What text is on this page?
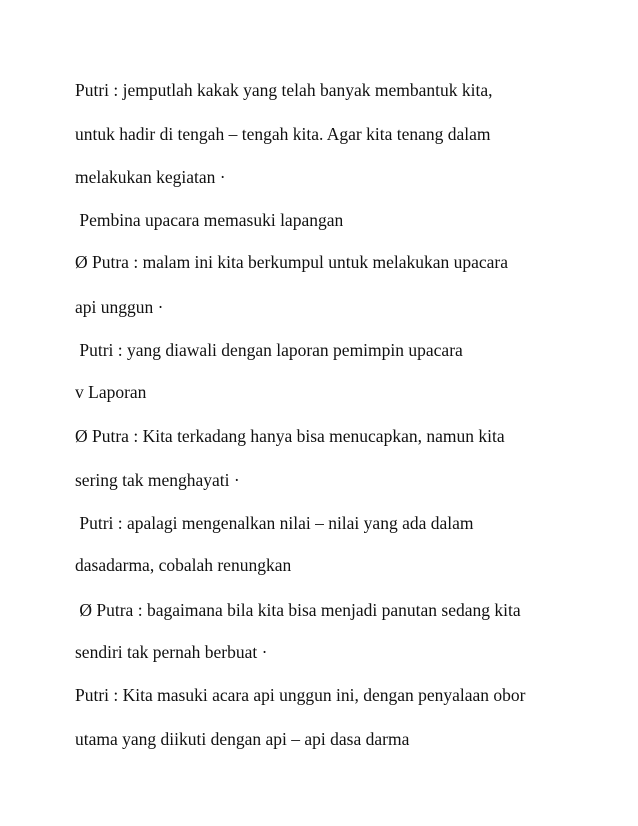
Putri : jemputlah kakak yang telah banyak membantuk kita,
untuk hadir di tengah – tengah kita. Agar kita tenang dalam
melakukan kegiatan ·
Pembina upacara memasuki lapangan
Ø Putra : malam ini kita berkumpul untuk melakukan upacara
api unggun ·
Putri : yang diawali dengan laporan pemimpin upacara
v Laporan
Ø Putra : Kita terkadang hanya bisa menucapkan, namun kita
sering tak menghayati ·
Putri : apalagi mengenalkan nilai – nilai yang ada dalam
dasadarma, cobalah renungkan
Ø Putra : bagaimana bila kita bisa menjadi panutan sedang kita
sendiri tak pernah berbuat ·
Putri : Kita masuki acara api unggun ini, dengan penyalaan obor
utama yang diikuti dengan api – api dasa darma
